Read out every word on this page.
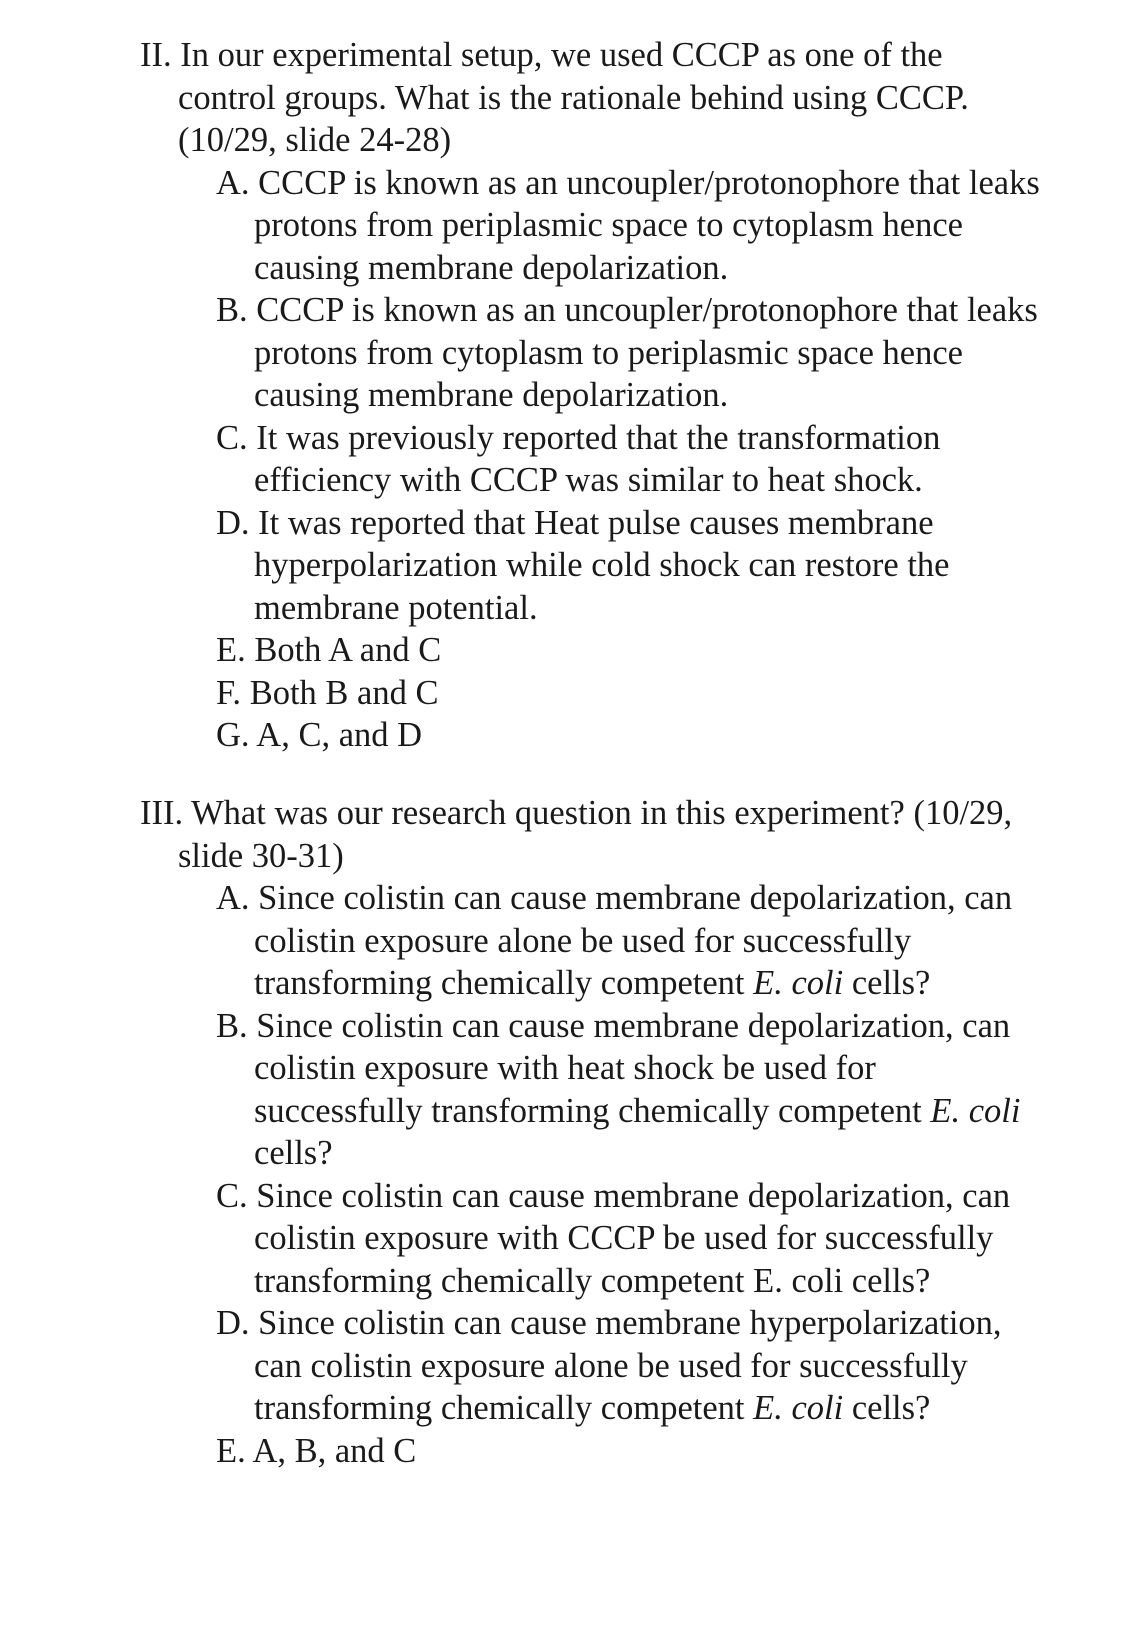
II. In our experimental setup, we used CCCP as one of the control groups. What is the rationale behind using CCCP. (10/29, slide 24-28)

A. CCCP is known as an uncoupler/protonophore that leaks protons from periplasmic space to cytoplasm hence causing membrane depolarization.
B. CCCP is known as an uncoupler/protonophore that leaks protons from cytoplasm to periplasmic space hence causing membrane depolarization.
C. It was previously reported that the transformation efficiency with CCCP was similar to heat shock.
D. It was reported that Heat pulse causes membrane hyperpolarization while cold shock can restore the membrane potential.
E. Both A and C
F. Both B and C
G. A, C, and D

III. What was our research question in this experiment? (10/29, slide 30-31)

A. Since colistin can cause membrane depolarization, can colistin exposure alone be used for successfully transforming chemically competent E. coli cells?
B. Since colistin can cause membrane depolarization, can colistin exposure with heat shock be used for successfully transforming chemically competent E. coli cells?
C. Since colistin can cause membrane depolarization, can colistin exposure with CCCP be used for successfully transforming chemically competent E. coli cells?
D. Since colistin can cause membrane hyperpolarization, can colistin exposure alone be used for successfully transforming chemically competent E. coli cells?
E. A, B, and C
